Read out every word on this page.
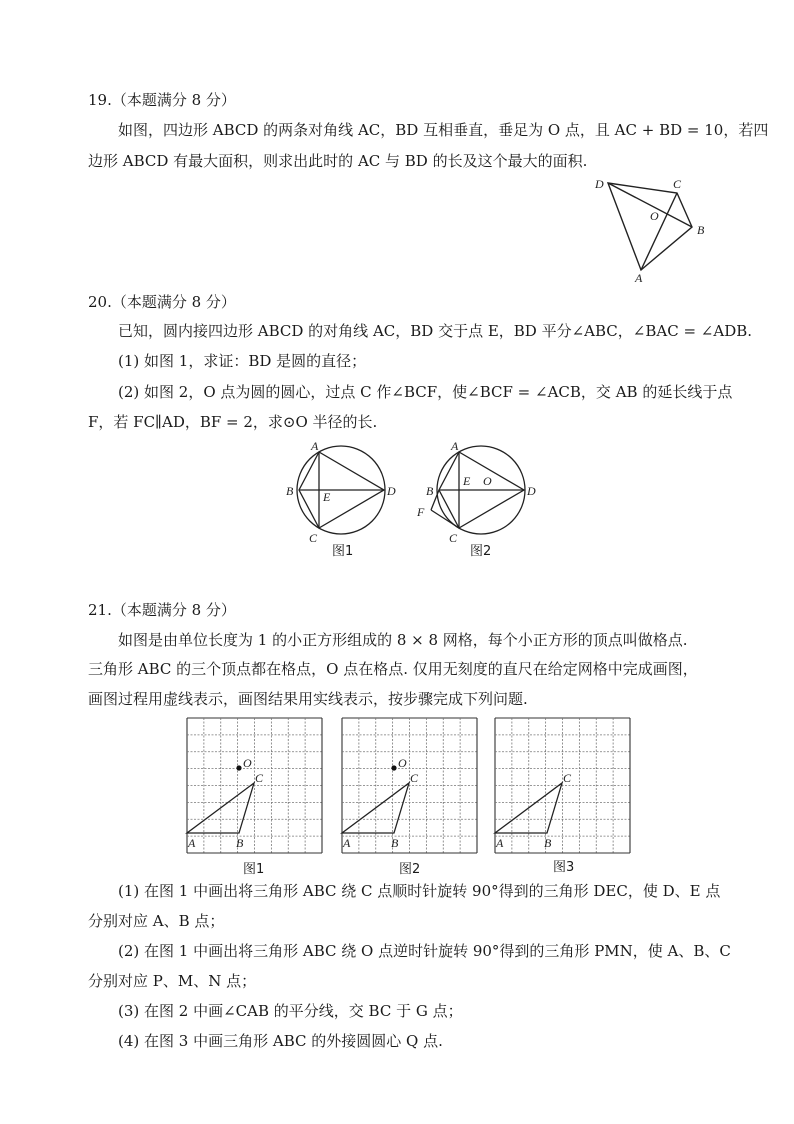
19.（本题满分 8 分）
如图，四边形 ABCD 的两条对角线 AC，BD 互相垂直，垂足为 O 点，且 AC + BD = 10，若四
边形 ABCD 有最大面积，则求出此时的 AC 与 BD 的长及这个最大的面积.
D	C
O
B
A
20.（本题满分 8 分）
已知，圆内接四边形 ABCD 的对角线 AC，BD 交于点 E，BD 平分∠ABC，∠BAC = ∠ADB.
(1) 如图 1，求证：BD 是圆的直径；
(2) 如图 2，O 点为圆的圆心，过点 C 作∠BCF，使∠BCF = ∠ACB，交 AB 的延长线于点
F，若 FC∥AD，BF = 2，求⊙O 半径的长.
A
B E	D
C
图1
A
B
E O
D
F
C
图2
21.（本题满分 8 分）
如图是由单位长度为 1 的小正方形组成的 8 × 8 网格，每个小正方形的顶点叫做格点.
三角形 ABC 的三个顶点都在格点，O 点在格点. 仅用无刻度的直尺在给定网格中完成画图，
画图过程用虚线表示，画图结果用实线表示，按步骤完成下列问题.
O
C
A	B
图1
O
C
A	B
图2
C
A	B
图3
(1) 在图 1 中画出将三角形 ABC 绕 C 点顺时针旋转 90°得到的三角形 DEC，使 D、E 点
分别对应 A、B 点；
(2) 在图 1 中画出将三角形 ABC 绕 O 点逆时针旋转 90°得到的三角形 PMN，使 A、B、C
分别对应 P、M、N 点；
(3) 在图 2 中画∠CAB 的平分线，交 BC 于 G 点；
(4) 在图 3 中画三角形 ABC 的外接圆圆心 Q 点.
